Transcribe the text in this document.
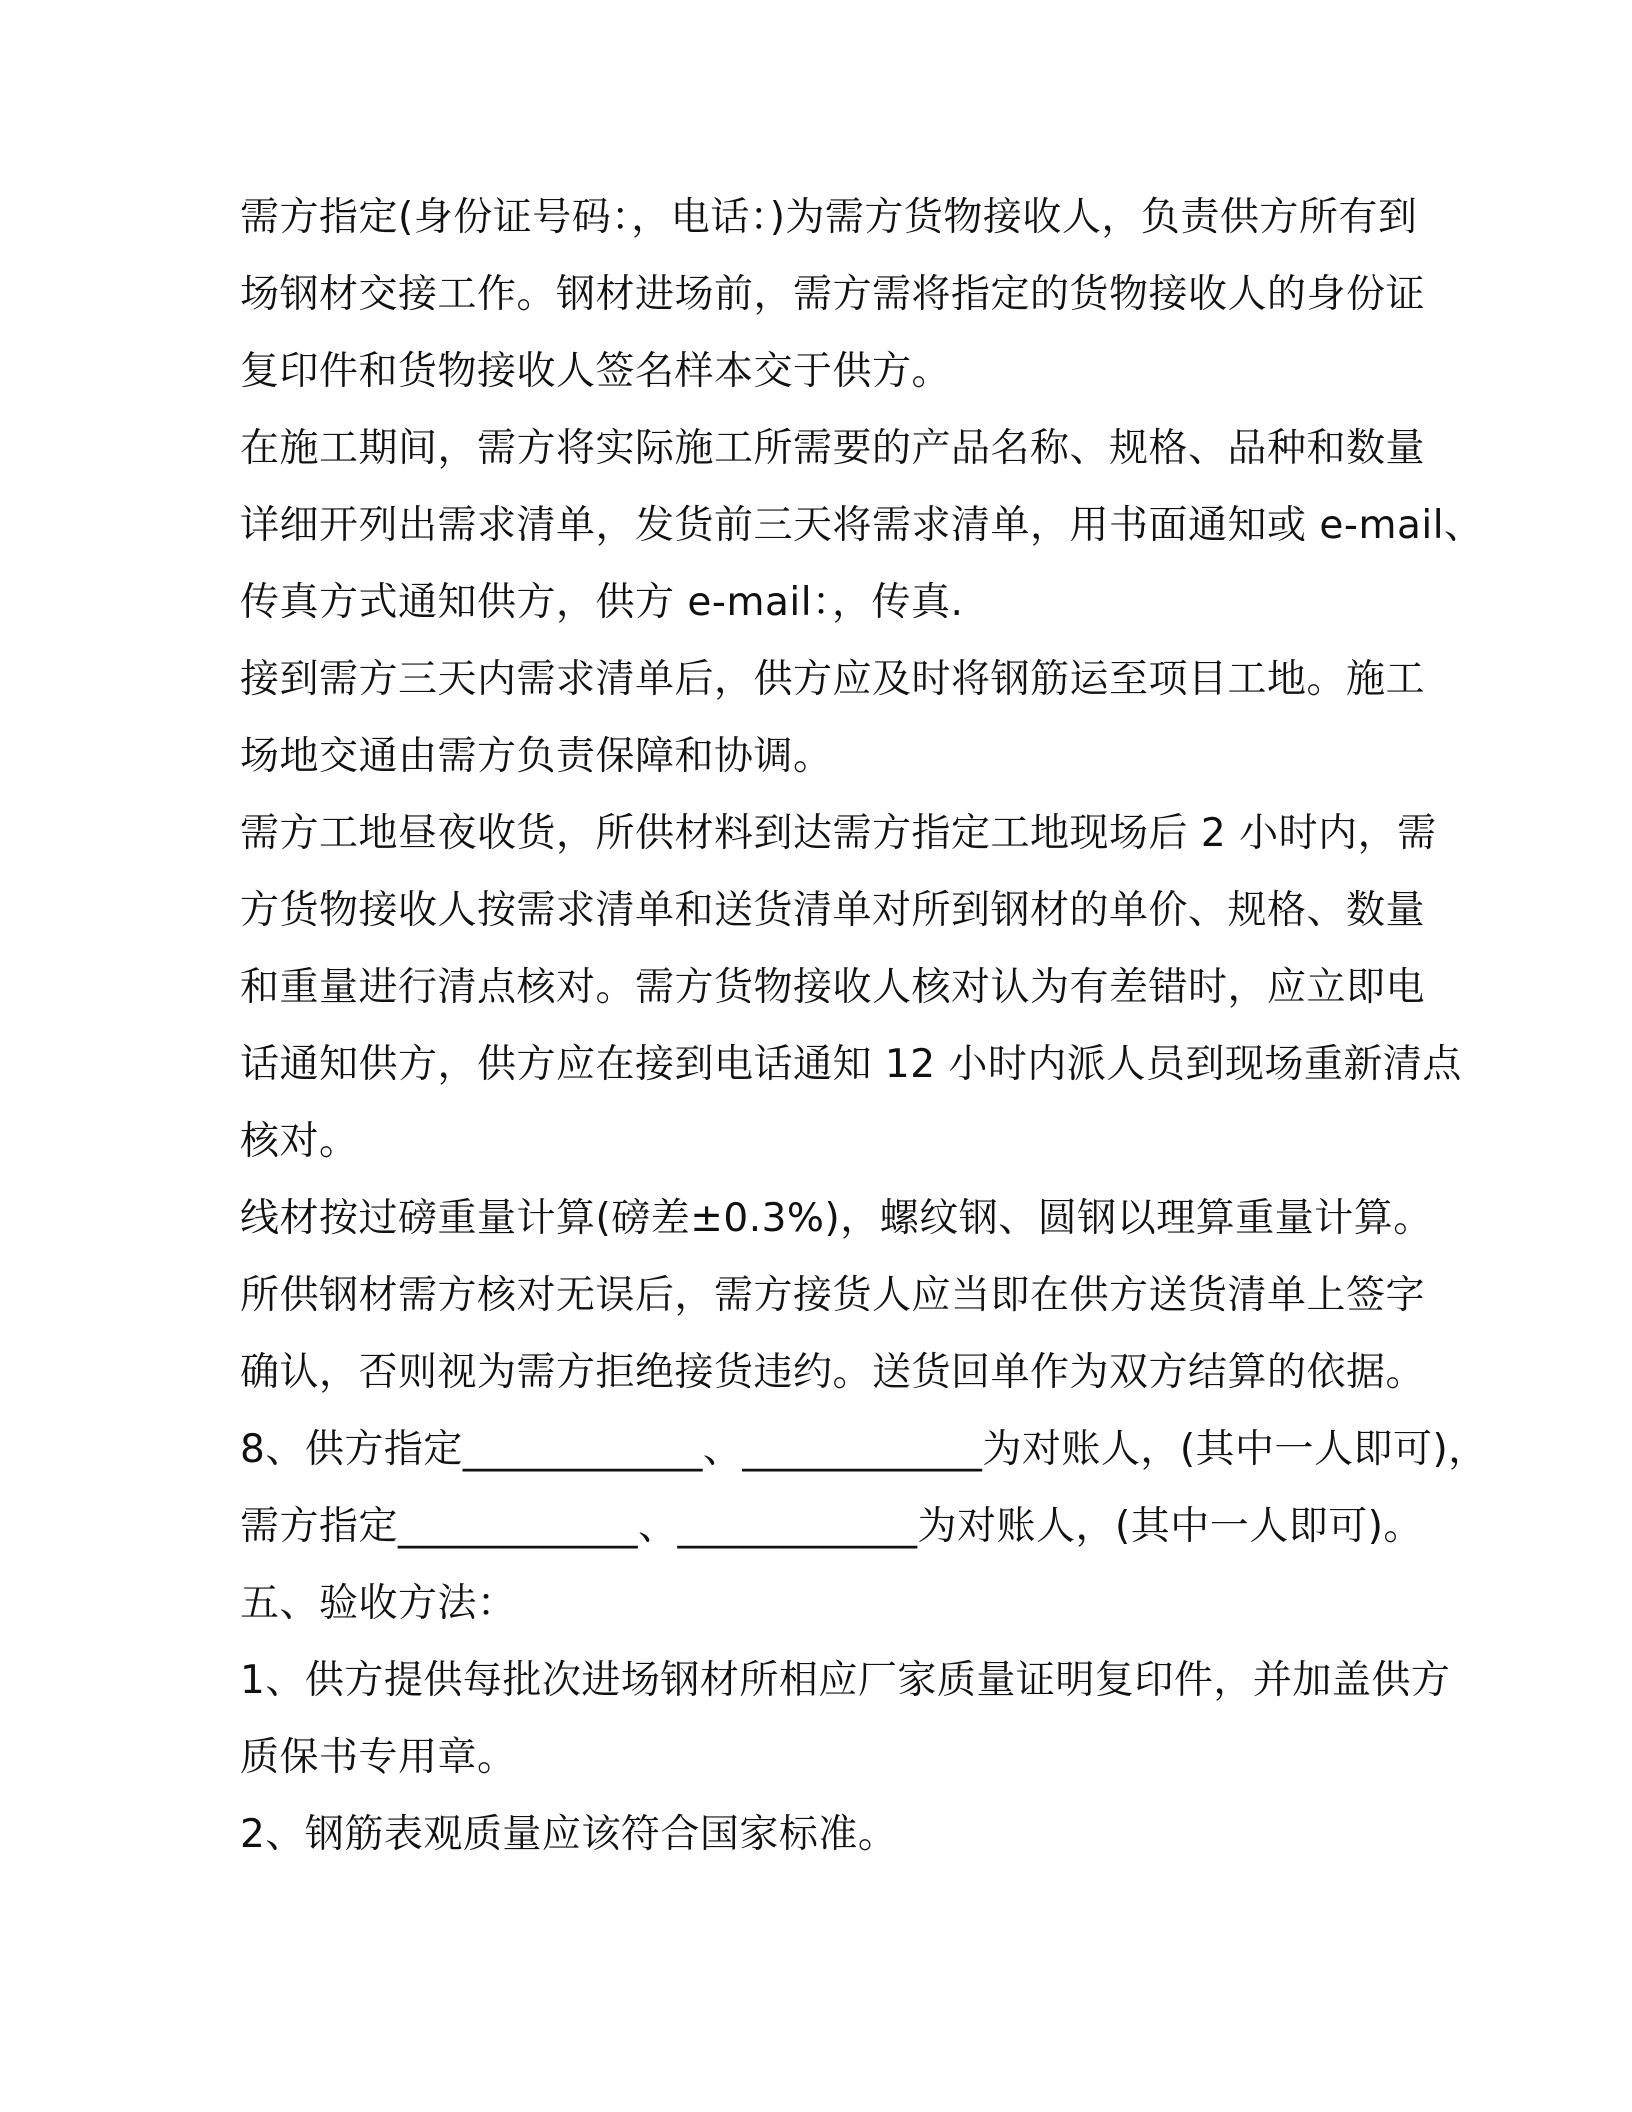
需方指定(身份证号码：，电话：)为需方货物接收人，负责供方所有到
场钢材交接工作。钢材进场前，需方需将指定的货物接收人的身份证
复印件和货物接收人签名样本交于供方。
在施工期间，需方将实际施工所需要的产品名称、规格、品种和数量
详细开列出需求清单，发货前三天将需求清单，用书面通知或 e-mail、
传真方式通知供方，供方 e-mail：，传真.
接到需方三天内需求清单后，供方应及时将钢筋运至项目工地。施工
场地交通由需方负责保障和协调。
需方工地昼夜收货，所供材料到达需方指定工地现场后 2 小时内，需
方货物接收人按需求清单和送货清单对所到钢材的单价、规格、数量
和重量进行清点核对。需方货物接收人核对认为有差错时，应立即电
话通知供方，供方应在接到电话通知 12 小时内派人员到现场重新清点
核对。
线材按过磅重量计算(磅差±0.3%)，螺纹钢、圆钢以理算重量计算。
所供钢材需方核对无误后，需方接货人应当即在供方送货清单上签字
确认，否则视为需方拒绝接货违约。送货回单作为双方结算的依据。
8、供方指定____________、____________为对账人，(其中一人即可)，
需方指定____________、____________为对账人，(其中一人即可)。
五、验收方法：
1、供方提供每批次进场钢材所相应厂家质量证明复印件，并加盖供方
质保书专用章。
2、钢筋表观质量应该符合国家标准。
